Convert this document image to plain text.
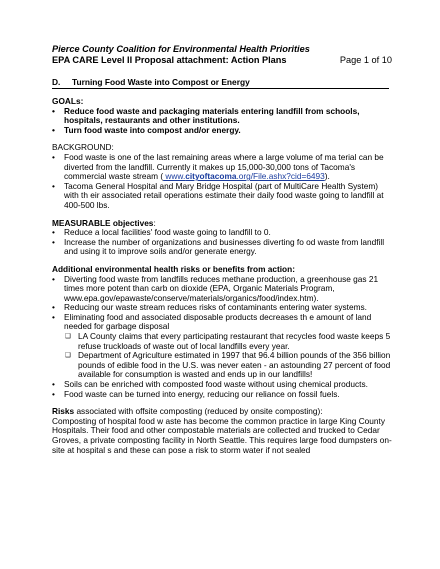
Pierce County Coalition for Environmental Health Priorities
EPA CARE Level II Proposal attachment: Action Plans	Page 1 of 10
D.	Turning Food Waste into Compost or Energy
GOALs:
• Reduce food waste and packaging materials entering landfill from schools, hospitals, restaurants and other institutions.
• Turn food waste into compost and/or energy.
BACKGROUND:
• Food waste is one of the last remaining areas where a large volume of ma terial can be diverted from the landfill. Currently it makes up 15,000-30,000 tons of Tacoma's commercial waste stream ( www.cityoftacoma.org/File.ashx?cid=6493).
• Tacoma General Hospital and Mary Bridge Hospital (part of MultiCare Health System) with th eir associated retail operations estimate their daily food waste going to landfill at 400-500 lbs.
MEASURABLE objectives:
• Reduce a local facilities' food waste going to landfill to 0.
• Increase the number of organizations and businesses diverting fo od waste from landfill and using it to improve soils and/or generate energy.
Additional environmental health risks or benefits from action:
• Diverting food waste from landfills reduces methane production, a greenhouse gas 21 times more potent than carb on dioxide (EPA, Organic Materials Program, www.epa.gov/epawaste/conserve/materials/organics/food/index.htm).
• Reducing our waste stream reduces risks of contaminants entering water systems.
• Eliminating food and associated disposable products decreases th e amount of land needed for garbage disposal
❑ LA County claims that every participating restaurant that recycles food waste keeps 5 refuse truckloads of waste out of local landfills every year.
❑ Department of Agriculture estimated in 1997 that 96.4 billion pounds of the 356 billion pounds of edible food in the U.S. was never eaten - an astounding 27 percent of food available for consumption is wasted and ends up in our landfills!
• Soils can be enriched with composted food waste without using chemical products.
• Food waste can be turned into energy, reducing our reliance on fossil fuels.
Risks associated with offsite composting (reduced by onsite composting):
Composting of hospital food w aste has become the common practice in large King County Hospitals. Their food and other compostable materials are collected and trucked to Cedar Groves, a private composting facility in North Seattle. This requires large food dumpsters on-site at hospital s and these can pose a risk to storm water if not sealed
